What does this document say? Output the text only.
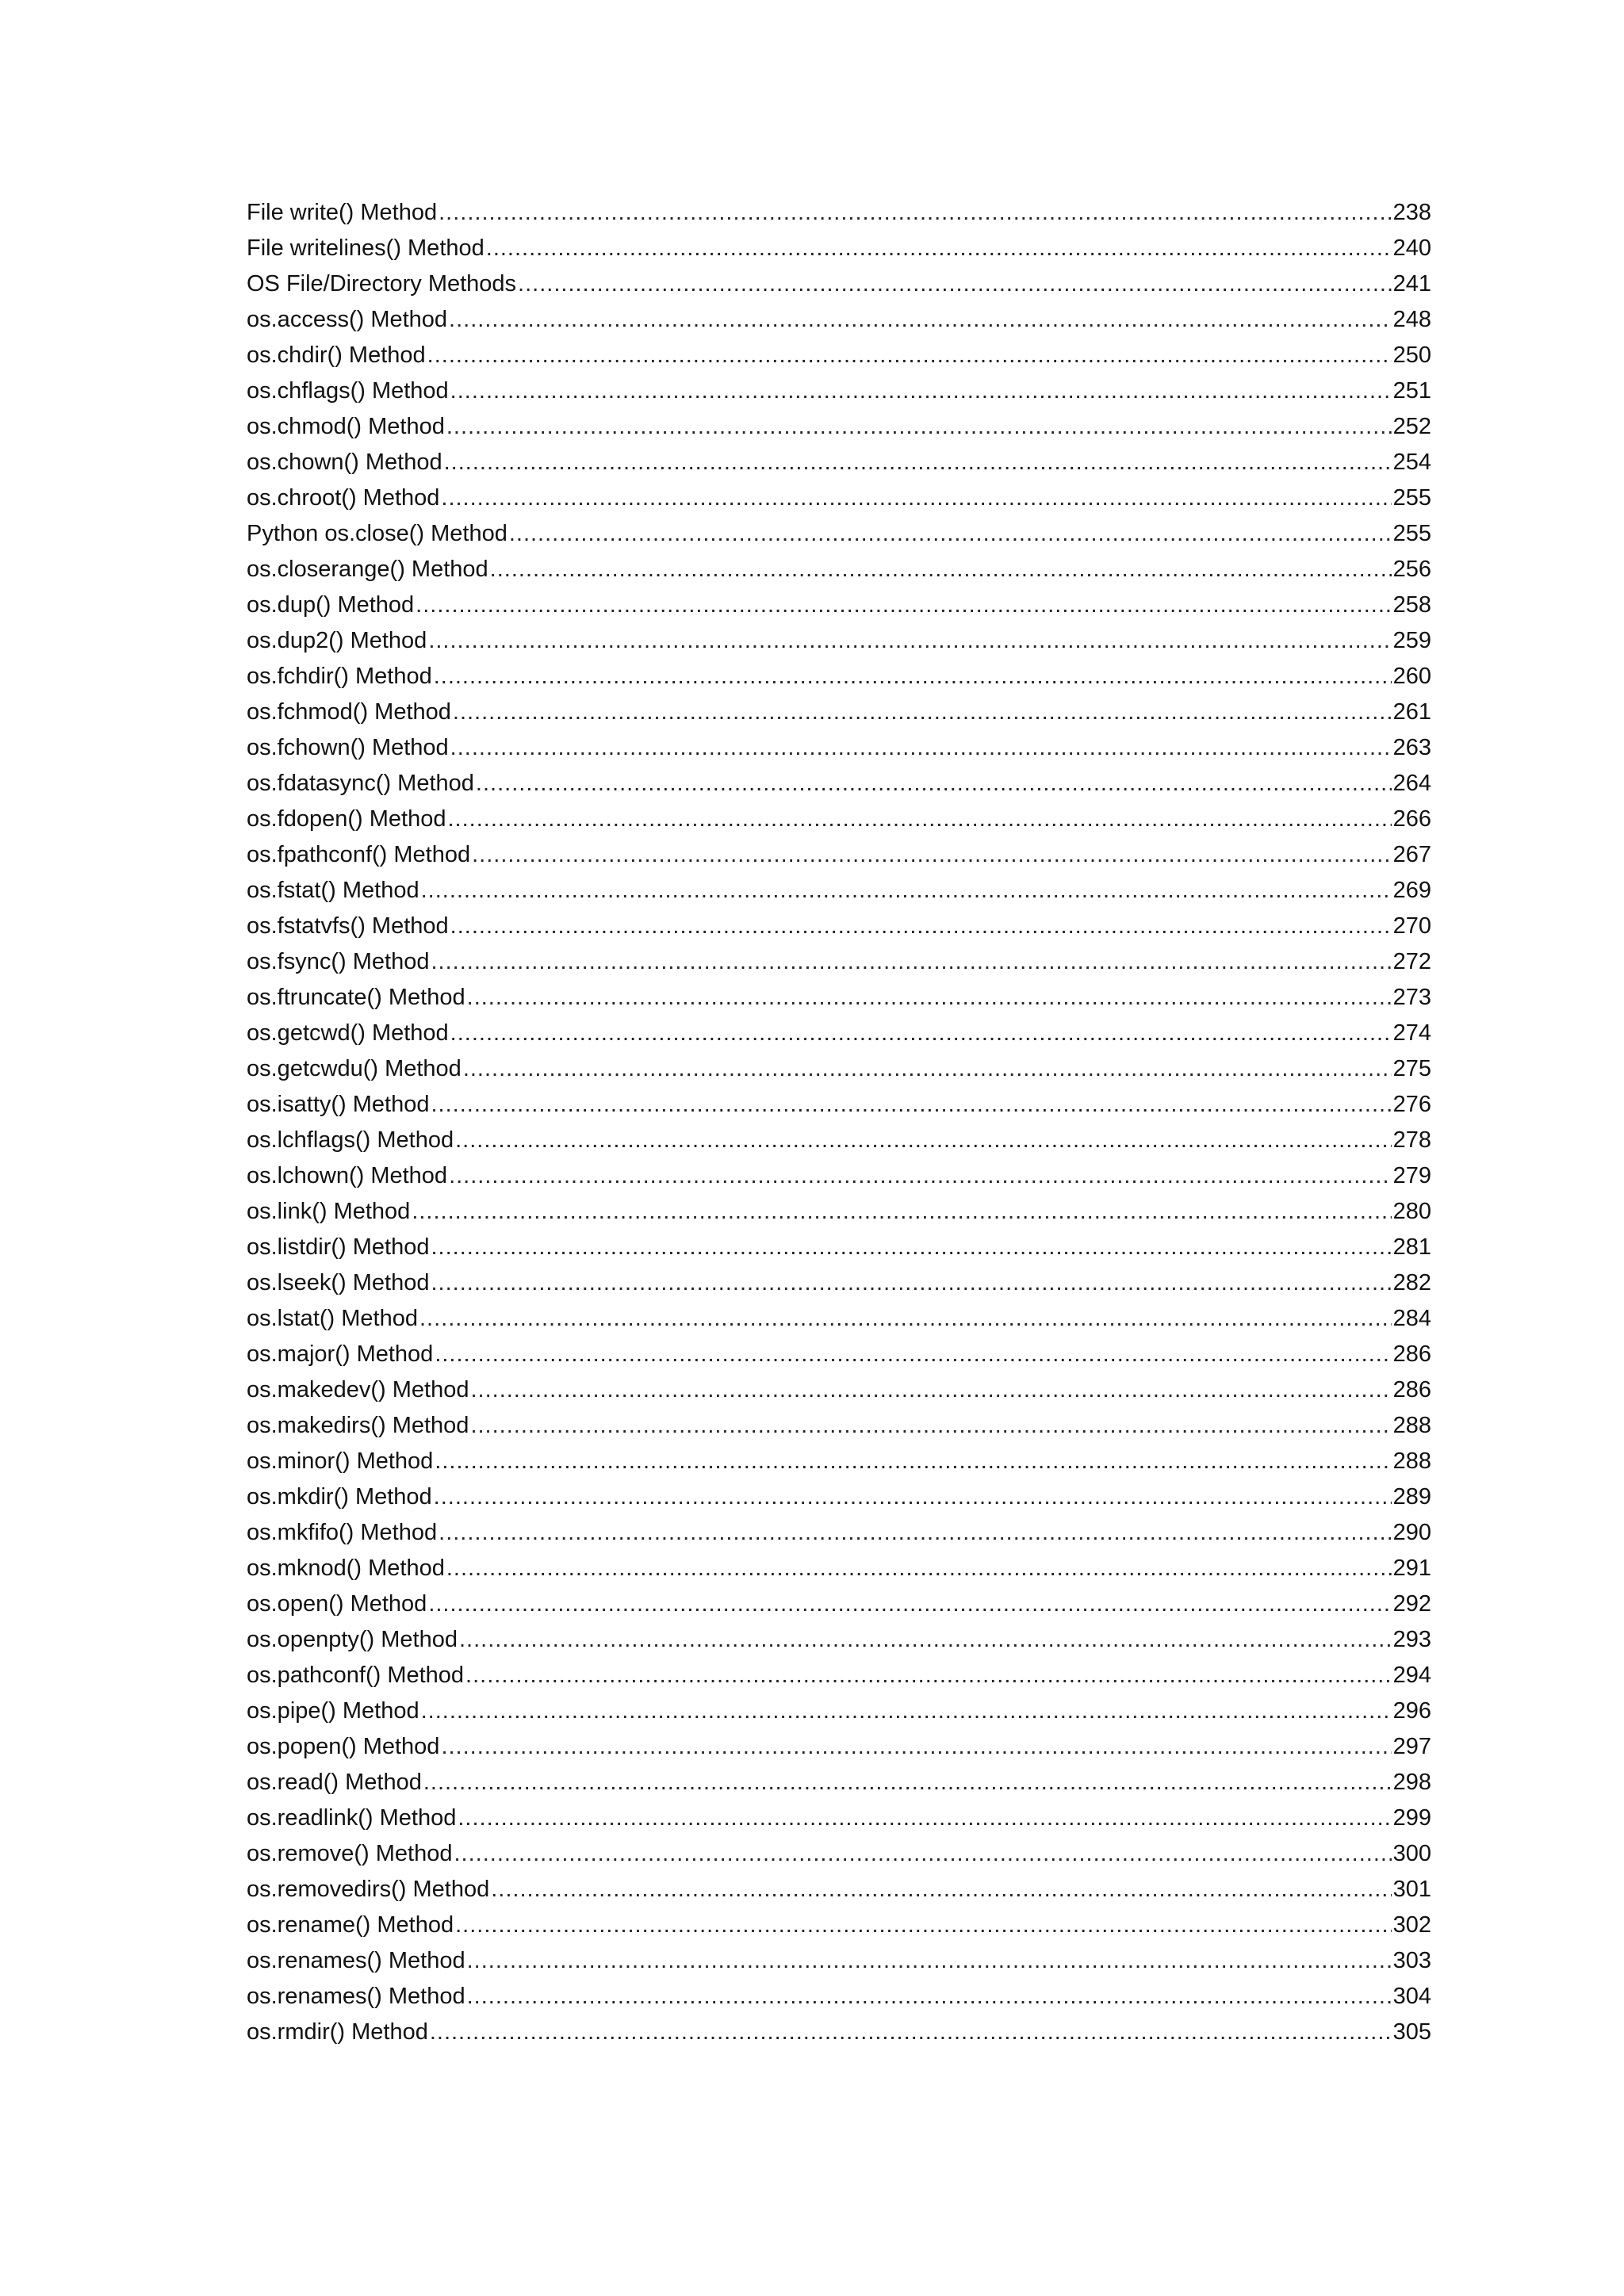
File write() Method .....	238
File writelines() Method .....	240
OS File/Directory Methods .....	241
os.access() Method .....	248
os.chdir() Method .....	250
os.chflags() Method .....	251
os.chmod() Method .....	252
os.chown() Method .....	254
os.chroot() Method .....	255
Python os.close() Method .....	255
os.closerange() Method .....	256
os.dup() Method .....	258
os.dup2() Method .....	259
os.fchdir() Method .....	260
os.fchmod() Method .....	261
os.fchown() Method .....	263
os.fdatasync() Method .....	264
os.fdopen() Method .....	266
os.fpathconf() Method .....	267
os.fstat() Method .....	269
os.fstatvfs() Method .....	270
os.fsync() Method .....	272
os.ftruncate() Method .....	273
os.getcwd() Method .....	274
os.getcwdu() Method .....	275
os.isatty() Method .....	276
os.lchflags() Method .....	278
os.lchown() Method .....	279
os.link() Method .....	280
os.listdir() Method .....	281
os.lseek() Method .....	282
os.lstat() Method .....	284
os.major() Method .....	286
os.makedev() Method .....	286
os.makedirs() Method .....	288
os.minor() Method .....	288
os.mkdir() Method .....	289
os.mkfifo() Method .....	290
os.mknod() Method .....	291
os.open() Method .....	292
os.openpty() Method .....	293
os.pathconf() Method .....	294
os.pipe() Method .....	296
os.popen() Method .....	297
os.read() Method .....	298
os.readlink() Method .....	299
os.remove() Method .....	300
os.removedirs() Method .....	301
os.rename() Method .....	302
os.renames() Method .....	303
os.renames() Method .....	304
os.rmdir() Method .....	305
